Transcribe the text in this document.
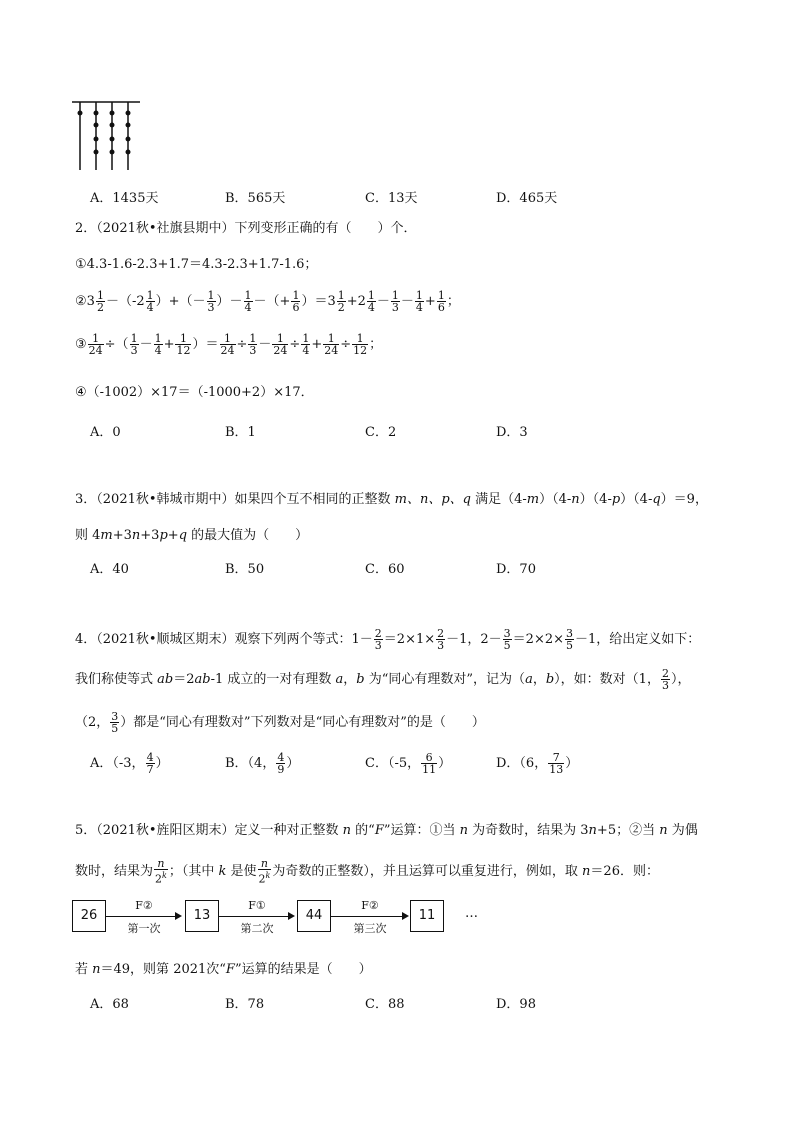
A．1435天	B．565天	C．13天	D．465天
2．（2021秋•社旗县期中）下列变形正确的有（　　）个．
①4.3-1.6-2.3+1.7＝4.3-2.3+1.7-1.6；
②3 $\frac{1}{2} -(-2 \frac{1}{4}$ ）+（－ $\frac{1}{3}$ ）－ $\frac{1}{4}$ －（+ $\frac{1}{6} )=3 \frac{1}{2} +2 \frac{1}{4} - \frac{1}{3} - \frac{1}{4} + \frac{1}{6}$ ；
③ $\frac{1}{24}$ ÷（ $\frac{1}{3} - \frac{1}{4} + \frac{1}{12}$ ）＝ $\frac{1}{24} \div \frac{1}{3} - \frac{1}{24} \div \frac{1}{4} + \frac{1}{24} \div \frac{1}{12}$ ；
④（-1002）×17＝（-1000+2）×17．
A．0	B．1	C．2	D．3
3．（2021秋•韩城市期中）如果四个互不相同的正整数 m、n、p、q 满足（4-m）（4-n）（4-p）（4-q）＝9，
则 4m+3n+3p+q 的最大值为（　　）
A．40	B．50	C．60	D．70
4．（2021秋•顺城区期末）观察下列两个等式：$1- \frac{2}{3} =2\times 1\times \frac{2}{3} -1$，$2- \frac{3}{5} =2\times 2\times \frac{3}{5} -1$，给出定义如下：
我们称使等式 ab＝2ab-1 成立的一对有理数 a，b 为“同心有理数对”，记为（a，b），如：数对（1， $\frac{2}{3}$ ），
（2， $\frac{3}{5}$ ）都是“同心有理数对”下列数对是“同心有理数对”的是（　　）
A．（-3， $\frac{4}{7}$ ）	B．（4， $\frac{4}{9}$ ）	C．（-5， $\frac{6}{11}$ ）	D．（6， $\frac{7}{13}$ ）
5．（2021秋•旌阳区期末）定义一种对正整数 n 的“F”运算：①当 n 为奇数时，结果为 3n+5；②当 n 为偶
数时，结果为 $\frac{n}{2^k}$ ；（其中 k 是使 $\frac{n}{2^k}$ 为奇数的正整数），并且运算可以重复进行，例如，取 n＝26．则：
26
F②
第一次
13
F①
第二次
44
F②
第三次
11	…
若 n＝49，则第 2021次“F”运算的结果是（　　）
A．68	B．78	C．88	D．98
